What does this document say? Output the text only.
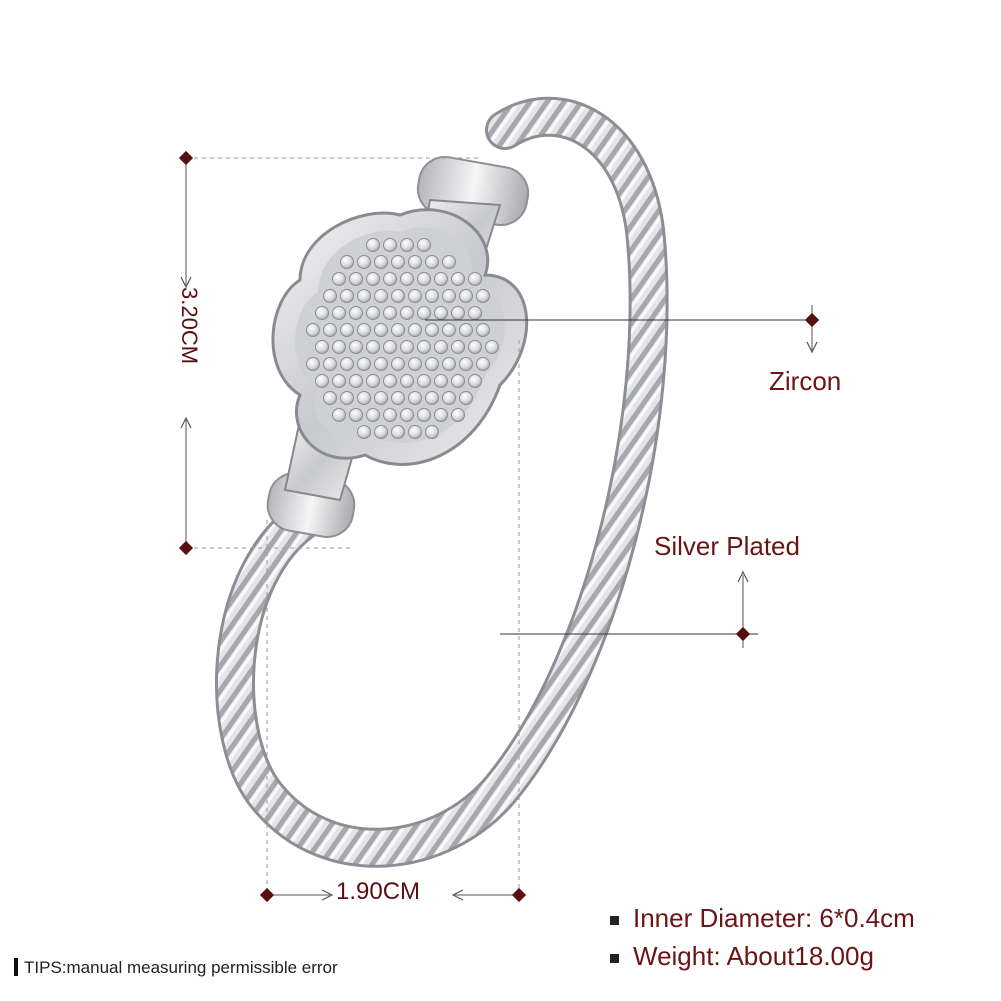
3.20CM
1.90CM
Zircon
Silver Plated
Inner Diameter: 6*0.4cm
Weight: About18.00g
TIPS:manual measuring permissible error
